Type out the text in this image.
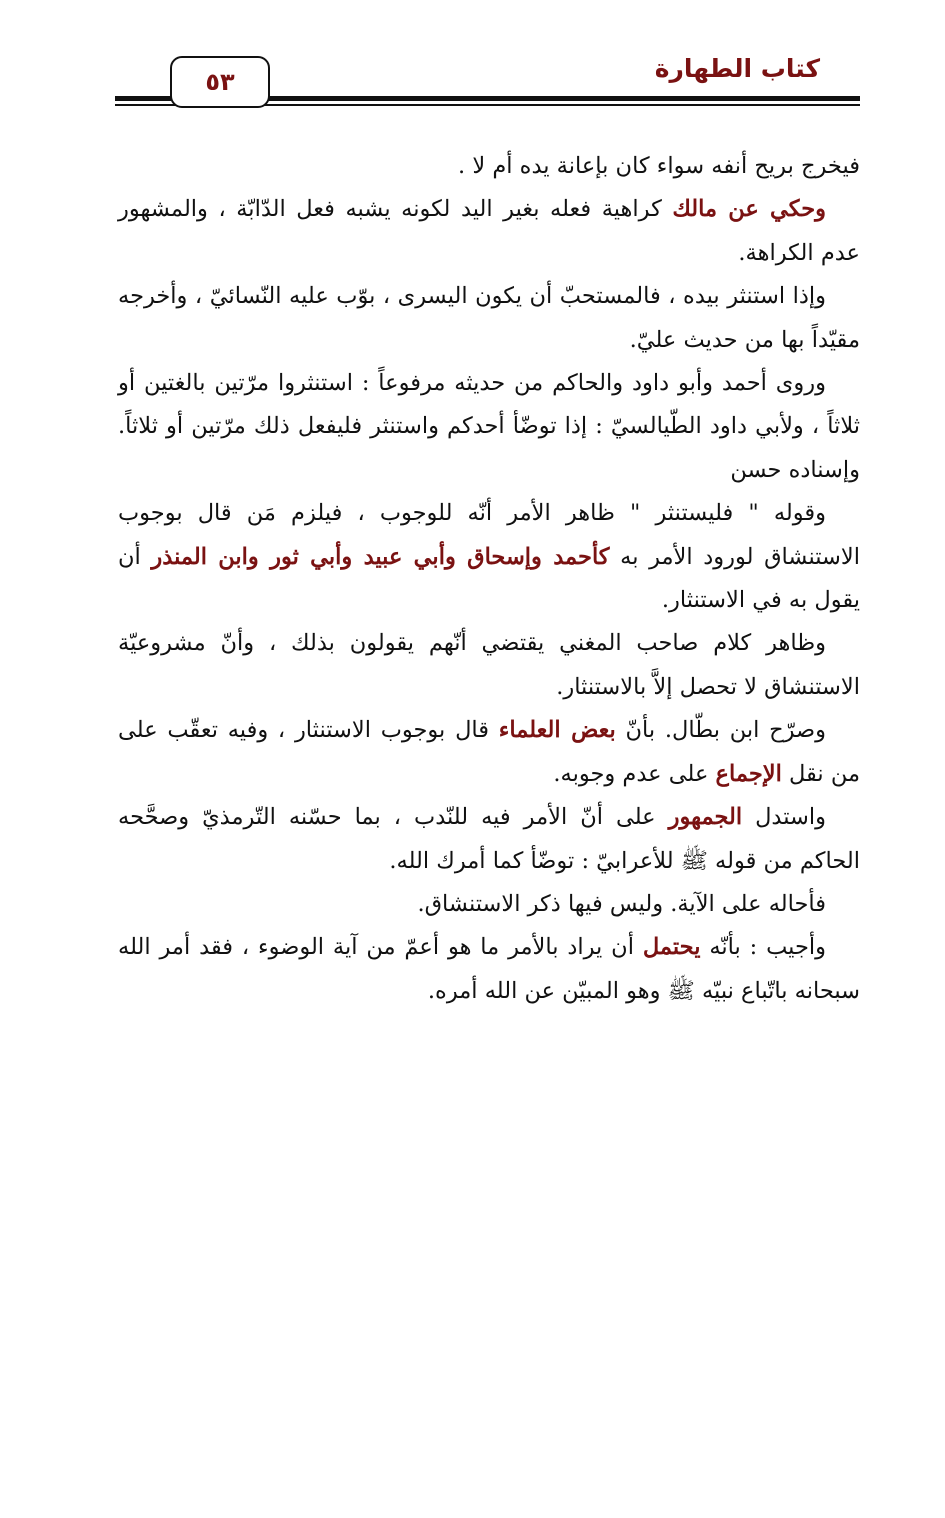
كتاب الطهارة
٥٣

فيخرج بريح أنفه سواء كان بإعانة يده أم لا .

وحكي عن مالك كراهية فعله بغير اليد لكونه يشبه فعل الدّابّة ، والمشهور عدم الكراهة.

وإذا استنثر بيده ، فالمستحبّ أن يكون اليسرى ، بوّب عليه النّسائيّ ، وأخرجه مقيّداً بها من حديث عليّ.

وروى أحمد وأبو داود والحاكم من حديثه مرفوعاً : استنثروا مرّتين بالغتين أو ثلاثاً ، ولأبي داود الطّيالسيّ : إذا توضّأ أحدكم واستنثر فليفعل ذلك مرّتين أو ثلاثاً. وإسناده حسن

وقوله " فليستنثر " ظاهر الأمر أنّه للوجوب ، فيلزم مَن قال بوجوب الاستنشاق لورود الأمر به كأحمد وإسحاق وأبي عبيد وأبي ثور وابن المنذر أن يقول به في الاستنثار.

وظاهر كلام صاحب المغني يقتضي أنّهم يقولون بذلك ، وأنّ مشروعيّة الاستنشاق لا تحصل إلاَّ بالاستنثار.

وصرّح ابن بطّال. بأنّ بعض العلماء قال بوجوب الاستنثار ، وفيه تعقّب على من نقل الإجماع على عدم وجوبه.

واستدل الجمهور على أنّ الأمر فيه للنّدب ، بما حسّنه التّرمذيّ وصحَّحه الحاكم من قوله ﷺ للأعرابيّ : توضّأ كما أمرك الله.

فأحاله على الآية. وليس فيها ذكر الاستنشاق.

وأجيب : بأنّه يحتمل أن يراد بالأمر ما هو أعمّ من آية الوضوء ، فقد أمر الله سبحانه باتّباع نبيّه ﷺ وهو المبيّن عن الله أمره.
